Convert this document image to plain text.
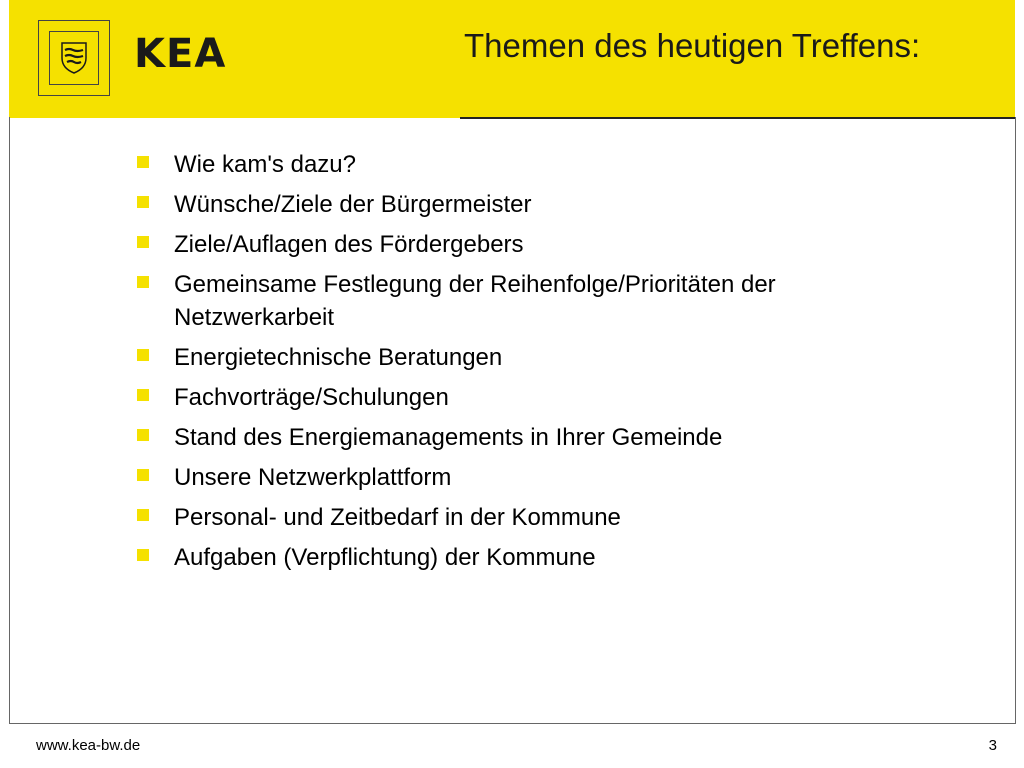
KEA	Themen des heutigen Treffens:
Wie kam's dazu?
Wünsche/Ziele der Bürgermeister
Ziele/Auflagen des Fördergebers
Gemeinsame Festlegung der Reihenfolge/Prioritäten der Netzwerkarbeit
Energietechnische Beratungen
Fachvorträge/Schulungen
Stand des Energiemanagements in Ihrer Gemeinde
Unsere Netzwerkplattform
Personal- und Zeitbedarf in der Kommune
Aufgaben (Verpflichtung) der Kommune
www.kea-bw.de	3
